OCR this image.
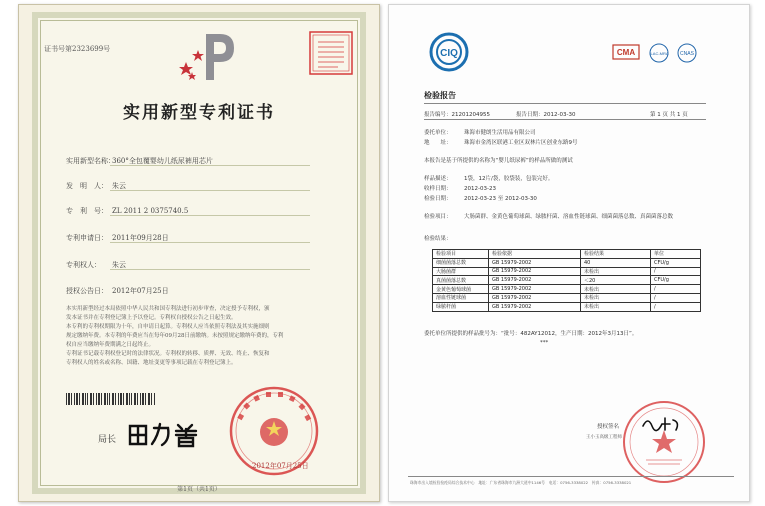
证书号第2323699号
实用新型专利证书
实用新型名称：360°全包覆婴幼儿纸尿裤用芯片
发　明　人： 朱云
专　利　号： ZL 2011 2 0375740.5
专利申请日： 2011年09月28日
专利权人： 朱云
授权公告日： 2012年07月25日
本实用新型经过本局依照中华人民共和国专利法进行初步审查，决定授予专利权，颁
发本证书并在专利登记簿上予以登记。专利权自授权公告之日起生效。
本专利的专利权期限为十年，自申请日起算。专利权人应当依照专利法及其实施细则
规定缴纳年费。本专利的年费应当在每年09月28日前缴纳。未按照规定缴纳年费的，专利
权自应当缴纳年费期满之日起终止。
专利证书记载专利权登记时的法律状况。专利权的转移、质押、无效、终止、恢复和
专利权人的姓名或名称、国籍、地址变更等事项记载在专利登记簿上。
局长
2012年07月25日
第1页（共1页）
CIQ	CMA	ILAC-MRA CNAS
检验报告
报告编号：21201204955	报告日期：2012-03-30	第 1 页 共 1 页
委托单位： 珠海市健朗生活用品有限公司
地　　址： 珠海市金湾区联港工业区双林片区创业东路9号
本报告是基于所提供的名称为“婴儿纸尿裤”的样品所做的测试
样品描述： 1袋，12片/袋，胶袋装，包装完好。
收样日期： 2012-03-23
检验日期： 2012-03-23 至 2012-03-30
检验项目： 大肠菌群、金黄色葡萄球菌、绿脓杆菌、溶血性链球菌、细菌菌落总数、真菌菌落总数
检验结果：
检验项目	检验依据	检验结果	单位
细菌菌落总数	GB 15979-2002	40	CFU/g
大肠菌群	GB 15979-2002	未检出	/
真菌菌落总数	GB 15979-2002	＜20	CFU/g
金黄色葡萄球菌	GB 15979-2002	未检出	/
溶血性链球菌	GB 15979-2002	未检出	/
绿脓杆菌	GB 15979-2002	未检出	/
委托单位所提供的样品批号为：“批号：482AY12012，生产日期：2012年3月13日”。
***
授权签名
王小玉高级工程师
珠海市出入境检验检疫局综合技术中心　地址：广东省珠海市九洲大道中1146号　电话：0756-3338022　传真：0756-3338021
